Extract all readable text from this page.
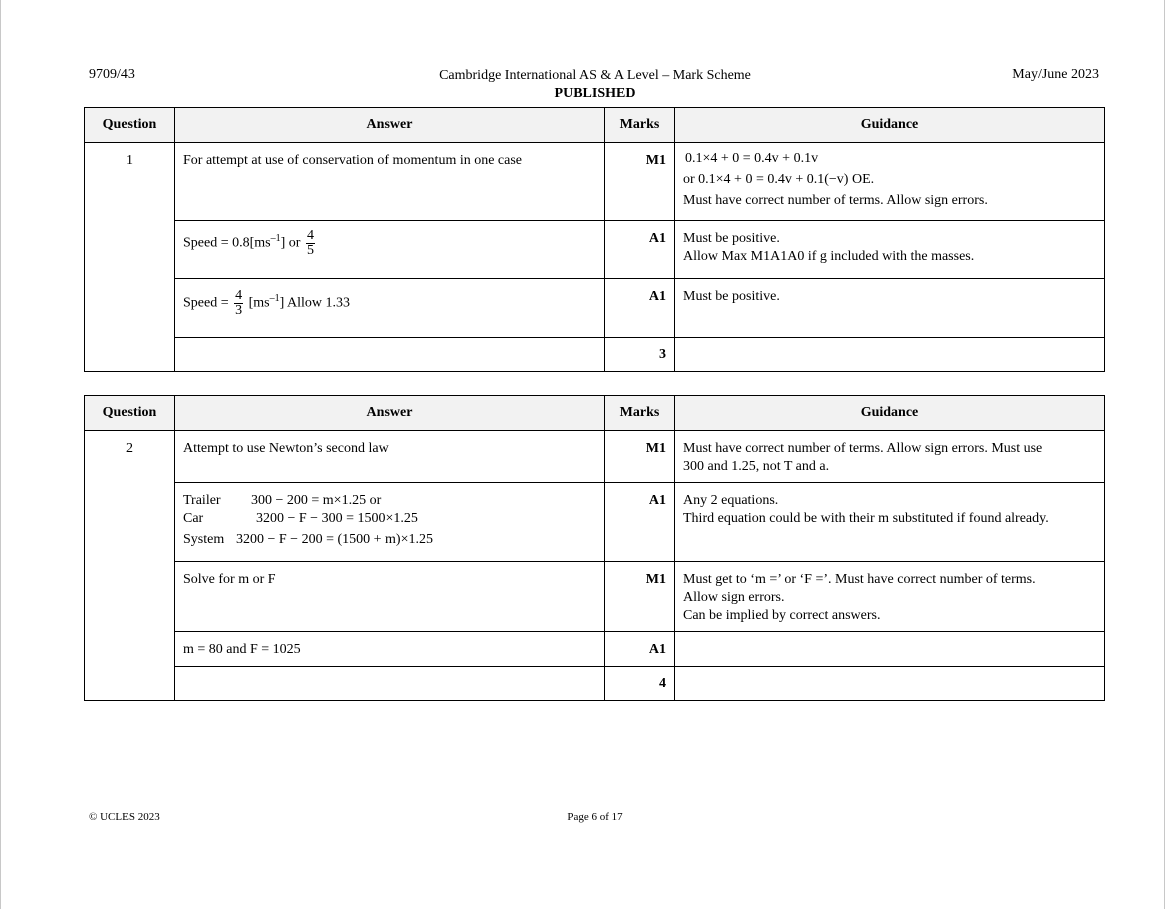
9709/43	Cambridge International AS & A Level – Mark Scheme
PUBLISHED
May/June 2023
Question	Answer	Marks	Guidance
1	For attempt at use of conservation of momentum in one case	M1	0.1×4 + 0 = 0.4v + 0.1v
or 0.1×4 + 0 = 0.4v + 0.1(−v) OE.
Must have correct number of terms. Allow sign errors.

	Speed = $0.8[ms^{-1}]$ or $\frac{4}{5}$	A1	Must be positive.
Allow Max M1A1A0 if g included with the masses.

	Speed = $\frac{4}{3} [ms^{-1}]$ Allow 1.33	A1	Must be positive.

		3	
Question	Answer	Marks	Guidance
2	Attempt to use Newton’s second law	M1	Must have correct number of terms. Allow sign errors. Must use
300 and 1.25, not T and a.

	Trailer 300 − 200 = m×1.25 or
Car 3200 − F − 300 = 1500×1.25
System 3200 − F − 200 = (1500 + m)×1.25	A1	Any 2 equations.
Third equation could be with their m substituted if found already.

	Solve for m or F	M1	Must get to ‘m =’ or ‘F =’. Must have correct number of terms.
Allow sign errors.
Can be implied by correct answers.

	m = 80 and F = 1025	A1	
		4	
© UCLES 2023	Page 6 of 17
